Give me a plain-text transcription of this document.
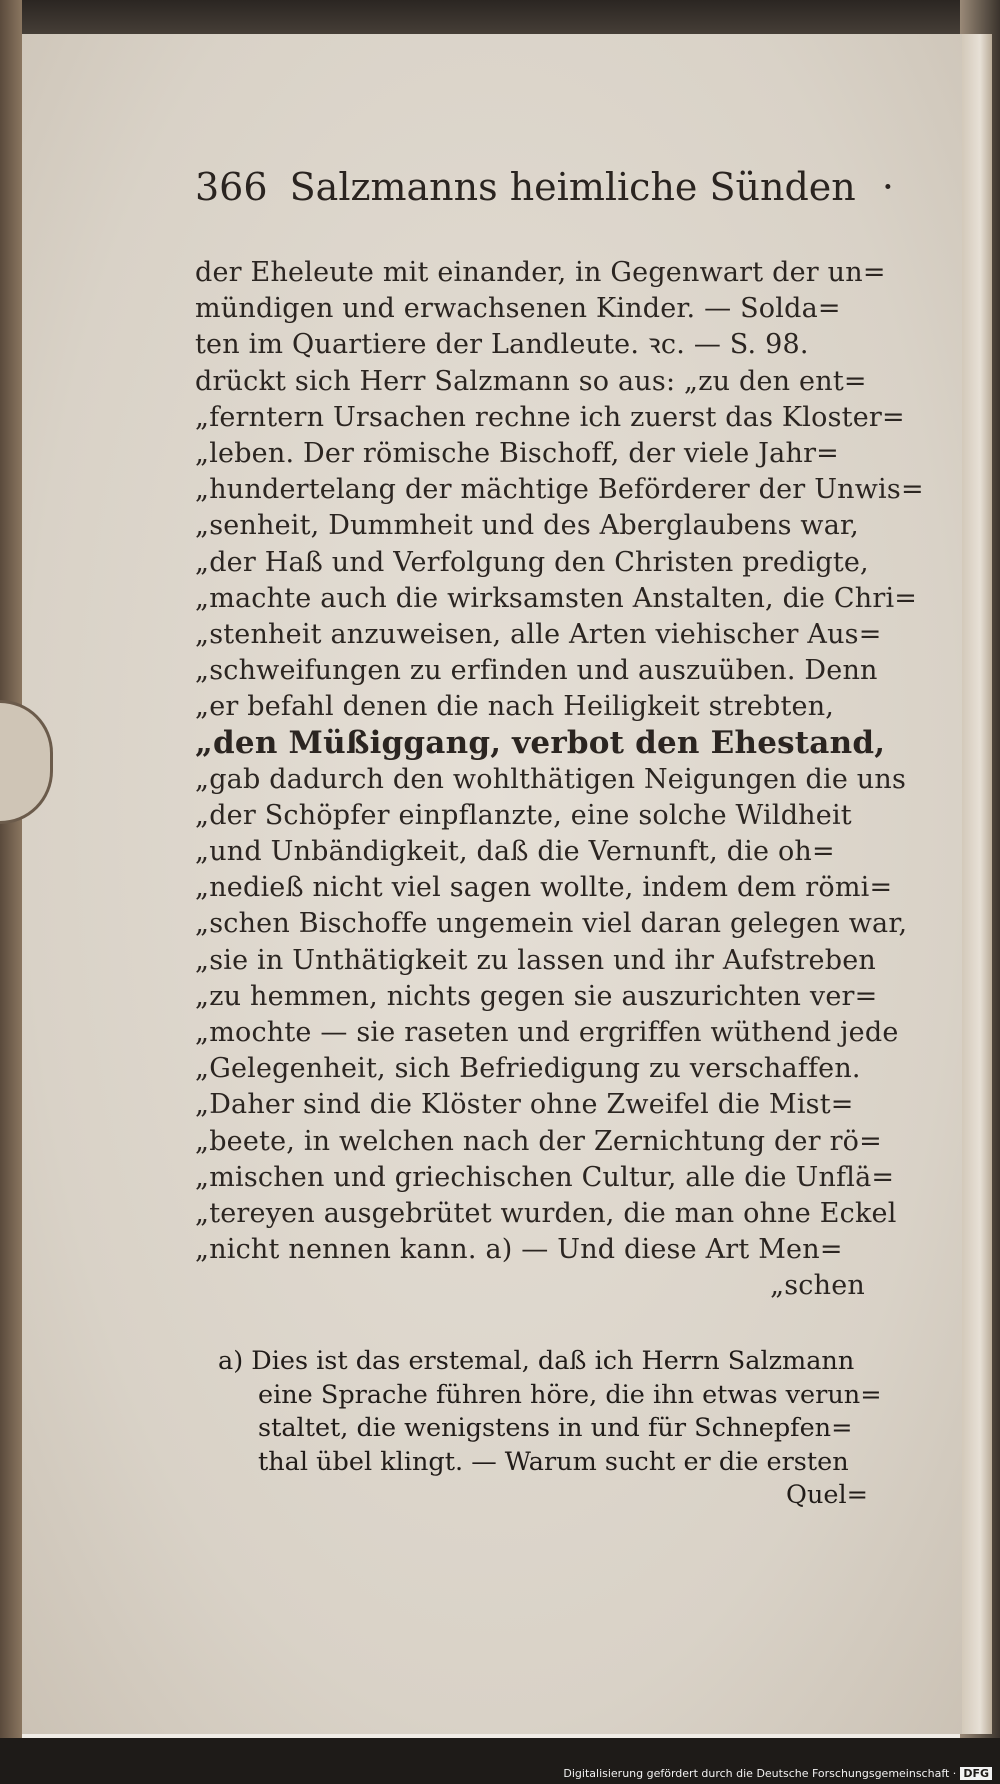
366 Salzmanns heimliche Sünden ·
der Eheleute mit einander, in Gegenwart der un=
mündigen und erwachsenen Kinder. — Solda=
ten im Quartiere der Landleute. ꝛc. — S. 98.
drückt sich Herr Salzmann so aus: „zu den ent=
„ferntern Ursachen rechne ich zuerst das Kloster=
„leben. Der römische Bischoff, der viele Jahr=
„hundertelang der mächtige Beförderer der Unwis=
„senheit, Dummheit und des Aberglaubens war,
„der Haß und Verfolgung den Christen predigte,
„machte auch die wirksamsten Anstalten, die Chri=
„stenheit anzuweisen, alle Arten viehischer Aus=
„schweifungen zu erfinden und auszuüben. Denn
„er befahl denen die nach Heiligkeit strebten,
„den Müßiggang, verbot den Ehestand,
„gab dadurch den wohlthätigen Neigungen die uns
„der Schöpfer einpflanzte, eine solche Wildheit
„und Unbändigkeit, daß die Vernunft, die oh=
„nedieß nicht viel sagen wollte, indem dem römi=
„schen Bischoffe ungemein viel daran gelegen war,
„sie in Unthätigkeit zu lassen und ihr Aufstreben
„zu hemmen, nichts gegen sie auszurichten ver=
„mochte — sie raseten und ergriffen wüthend jede
„Gelegenheit, sich Befriedigung zu verschaffen.
„Daher sind die Klöster ohne Zweifel die Mist=
„beete, in welchen nach der Zernichtung der rö=
„mischen und griechischen Cultur, alle die Unflä=
„tereyen ausgebrütet wurden, die man ohne Eckel
„nicht nennen kann. a) — Und diese Art Men=
„schen
a) Dies ist das erstemal, daß ich Herrn Salzmann
eine Sprache führen höre, die ihn etwas verun=
staltet, die wenigstens in und für Schnepfen=
thal übel klingt. — Warum sucht er die ersten
Quel=
Digitalisierung gefördert durch die Deutsche Forschungsgemeinschaft · DFG
